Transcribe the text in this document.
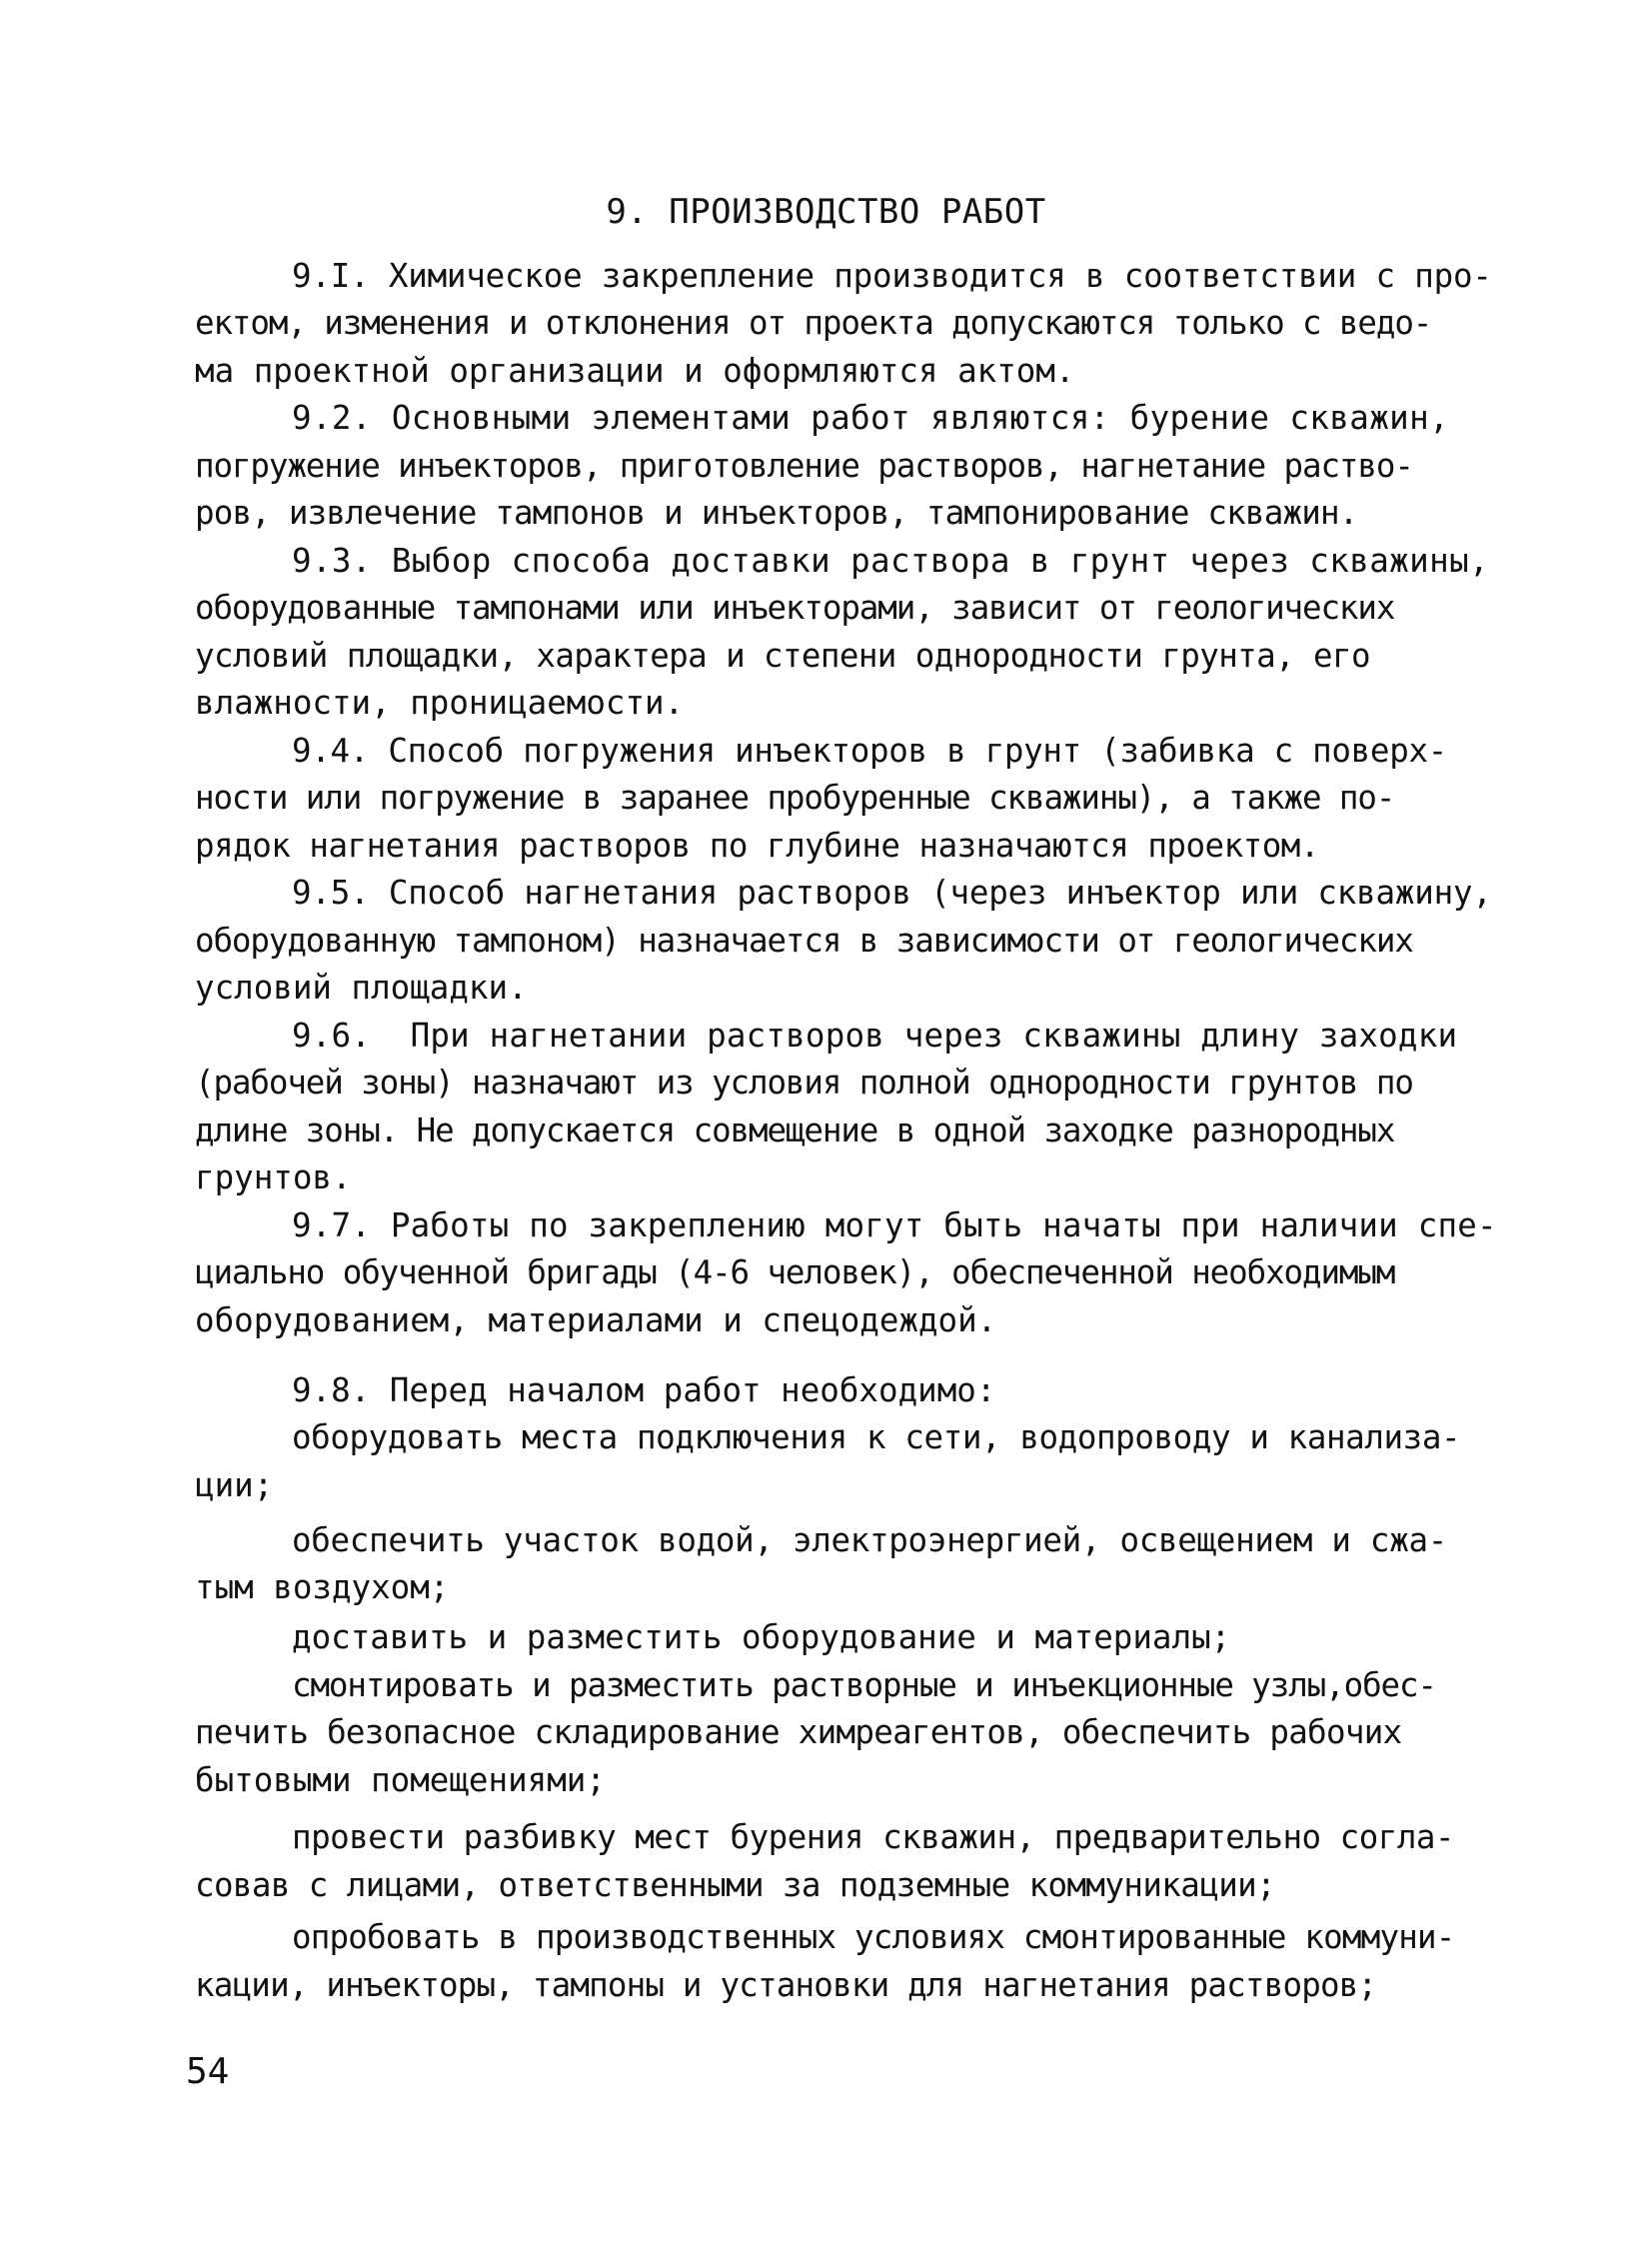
9. ПРОИЗВОДСТВО РАБОТ
9.I. Химическое закрепление производится в соответствии с про-
ектом, изменения и отклонения от проекта допускаются только с ведо-
ма проектной организации и оформляются актом.
9.2. Основными элементами работ являются: бурение скважин,
погружение инъекторов, приготовление растворов, нагнетание раство-
ров, извлечение тампонов и инъекторов, тампонирование скважин.
9.3. Выбор способа доставки раствора в грунт через скважины,
оборудованные тампонами или инъекторами, зависит от геологических
условий площадки, характера и степени однородности грунта, его
влажности, проницаемости.
9.4. Способ погружения инъекторов в грунт (забивка с поверх-
ности или погружение в заранее пробуренные скважины), а также по-
рядок нагнетания растворов по глубине назначаются проектом.
9.5. Способ нагнетания растворов (через инъектор или скважину,
оборудованную тампоном) назначается в зависимости от геологических
условий площадки.
9.6.  При нагнетании растворов через скважины длину заходки
(рабочей зоны) назначают из условия полной однородности грунтов по
длине зоны. Не допускается совмещение в одной заходке разнородных
грунтов.
9.7. Работы по закреплению могут быть начаты при наличии спе-
циально обученной бригады (4-6 человек), обеспеченной необходимым
оборудованием, материалами и спецодеждой.
9.8. Перед началом работ необходимо:
оборудовать места подключения к сети, водопроводу и канализа-
ции;
обеспечить участок водой, электроэнергией, освещением и сжа-
тым воздухом;
доставить и разместить оборудование и материалы;
смонтировать и разместить растворные и инъекционные узлы,обес-
печить безопасное складирование химреагентов, обеспечить рабочих
бытовыми помещениями;
провести разбивку мест бурения скважин, предварительно согла-
совав с лицами, ответственными за подземные коммуникации;
опробовать в производственных условиях смонтированные коммуни-
кации, инъекторы, тампоны и установки для нагнетания растворов;
54
